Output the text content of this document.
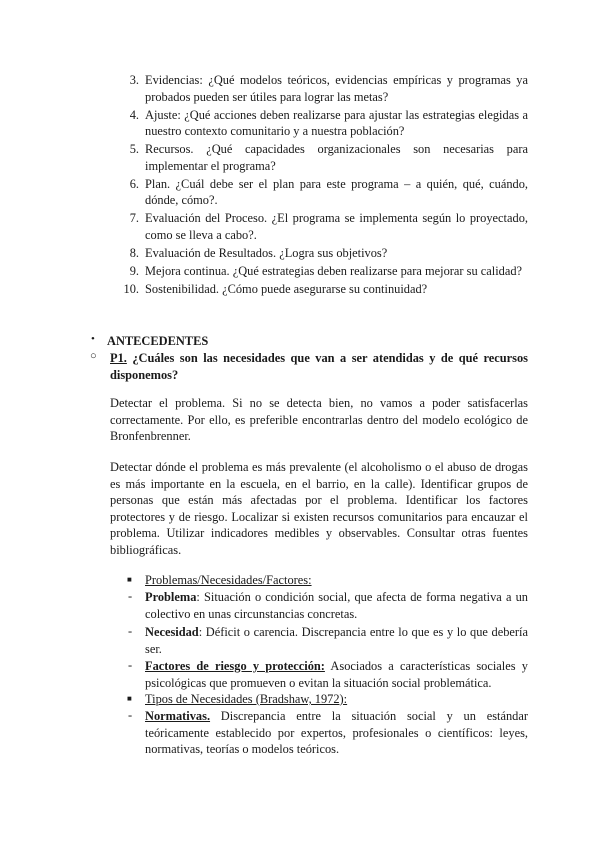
3. Evidencias: ¿Qué modelos teóricos, evidencias empíricas y programas ya probados pueden ser útiles para lograr las metas?
4. Ajuste: ¿Qué acciones deben realizarse para ajustar las estrategias elegidas a nuestro contexto comunitario y a nuestra población?
5. Recursos. ¿Qué capacidades organizacionales son necesarias para implementar el programa?
6. Plan. ¿Cuál debe ser el plan para este programa – a quién, qué, cuándo, dónde, cómo?.
7. Evaluación del Proceso. ¿El programa se implementa según lo proyectado, como se lleva a cabo?.
8. Evaluación de Resultados. ¿Logra sus objetivos?
9. Mejora continua. ¿Qué estrategias deben realizarse para mejorar su calidad?
10. Sostenibilidad. ¿Cómo puede asegurarse su continuidad?
• ANTECEDENTES
○ P1. ¿Cuáles son las necesidades que van a ser atendidas y de qué recursos disponemos?

Detectar el problema. Si no se detecta bien, no vamos a poder satisfacerlas correctamente. Por ello, es preferible encontrarlas dentro del modelo ecológico de Bronfenbrenner.

Detectar dónde el problema es más prevalente (el alcoholismo o el abuso de drogas es más importante en la escuela, en el barrio, en la calle). Identificar grupos de personas que están más afectadas por el problema. Identificar los factores protectores y de riesgo. Localizar si existen recursos comunitarios para encauzar el problema. Utilizar indicadores medibles y observables. Consultar otras fuentes bibliográficas.

■ Problemas/Necesidades/Factores:

- Problema: Situación o condición social, que afecta de forma negativa a un colectivo en unas circunstancias concretas.

- Necesidad: Déficit o carencia. Discrepancia entre lo que es y lo que debería ser.

- Factores de riesgo y protección: Asociados a características sociales y psicológicas que promueven o evitan la situación social problemática.

■ Tipos de Necesidades (Bradshaw, 1972):

- Normativas. Discrepancia entre la situación social y un estándar teóricamente establecido por expertos, profesionales o científicos: leyes, normativas, teorías o modelos teóricos.
